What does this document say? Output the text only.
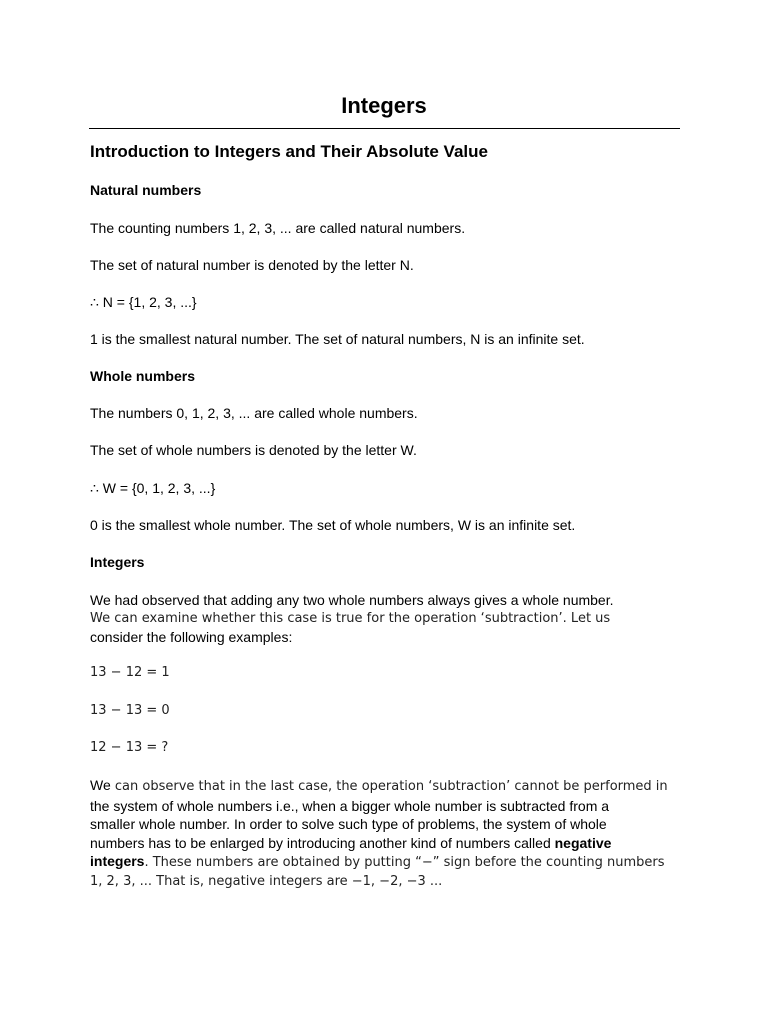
Integers
Introduction to Integers and Their Absolute Value
Natural numbers
The counting numbers 1, 2, 3, ... are called natural numbers.
The set of natural number is denoted by the letter N.
∴ N = {1, 2, 3, ...}
1 is the smallest natural number. The set of natural numbers, N is an infinite set.
Whole numbers
The numbers 0, 1, 2, 3, ... are called whole numbers.
The set of whole numbers is denoted by the letter W.
∴ W = {0, 1, 2, 3, ...}
0 is the smallest whole number. The set of whole numbers, W is an infinite set.
Integers
We had observed that adding any two whole numbers always gives a whole number.
We can examine whether this case is true for the operation ‘subtraction’. Let us
consider the following examples:
13 − 12 = 1
13 − 13 = 0
12 − 13 = ?
We can observe that in the last case, the operation ‘subtraction’ cannot be performed in
the system of whole numbers i.e., when a bigger whole number is subtracted from a
smaller whole number. In order to solve such type of problems, the system of whole
numbers has to be enlarged by introducing another kind of numbers called negative
integers. These numbers are obtained by putting “−” sign before the counting numbers
1, 2, 3, ... That is, negative integers are −1, −2, −3 ...
